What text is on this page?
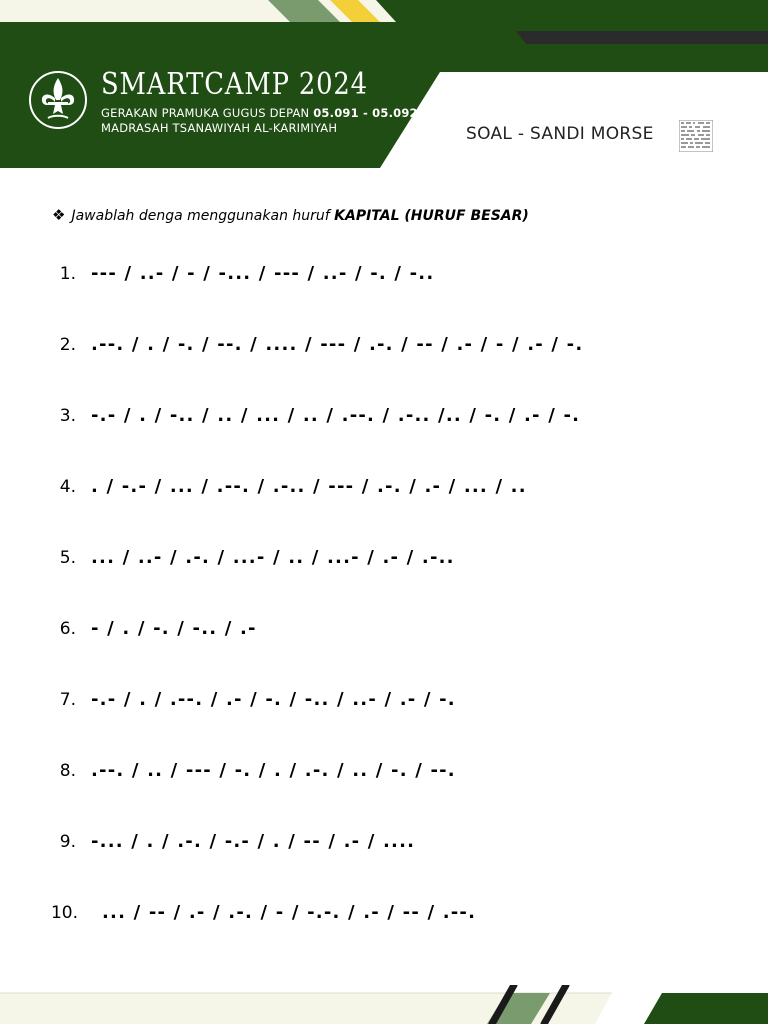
SMARTCAMP 2024
GERAKAN PRAMUKA GUGUS DEPAN 05.091 - 05.092
MADRASAH TSANAWIYAH AL-KARIMIYAH	SOAL - SANDI MORSE
❖ Jawablah denga menggunakan huruf KAPITAL (HURUF BESAR)
1. --- / ..- / - / -... / --- / ..- / -. / -..
2. .--. / . / -. / --. / .... / --- / .-. / -- / .- / - / .- / -.
3. -.- / . / -.. / .. / ... / .. / .--. / .-.. /.. / -. / .- / -.
4. . / -.- / ... / .--. / .-.. / --- / .-. / .- / ... / ..
5. ... / ..- / .-. / ...- / .. / ...- / .- / .-..
6. - / . / -. / -.. / .-
7. -.- / . / .--. / .- / -. / -.. / ..- / .- / -.
8. .--. / .. / --- / -. / . / .-. / .. / -. / --.
9. -... / . / .-. / -.- / . / -- / .- / ....
10. ... / -- / .- / .-. / - / -.-. / .- / -- / .--.
